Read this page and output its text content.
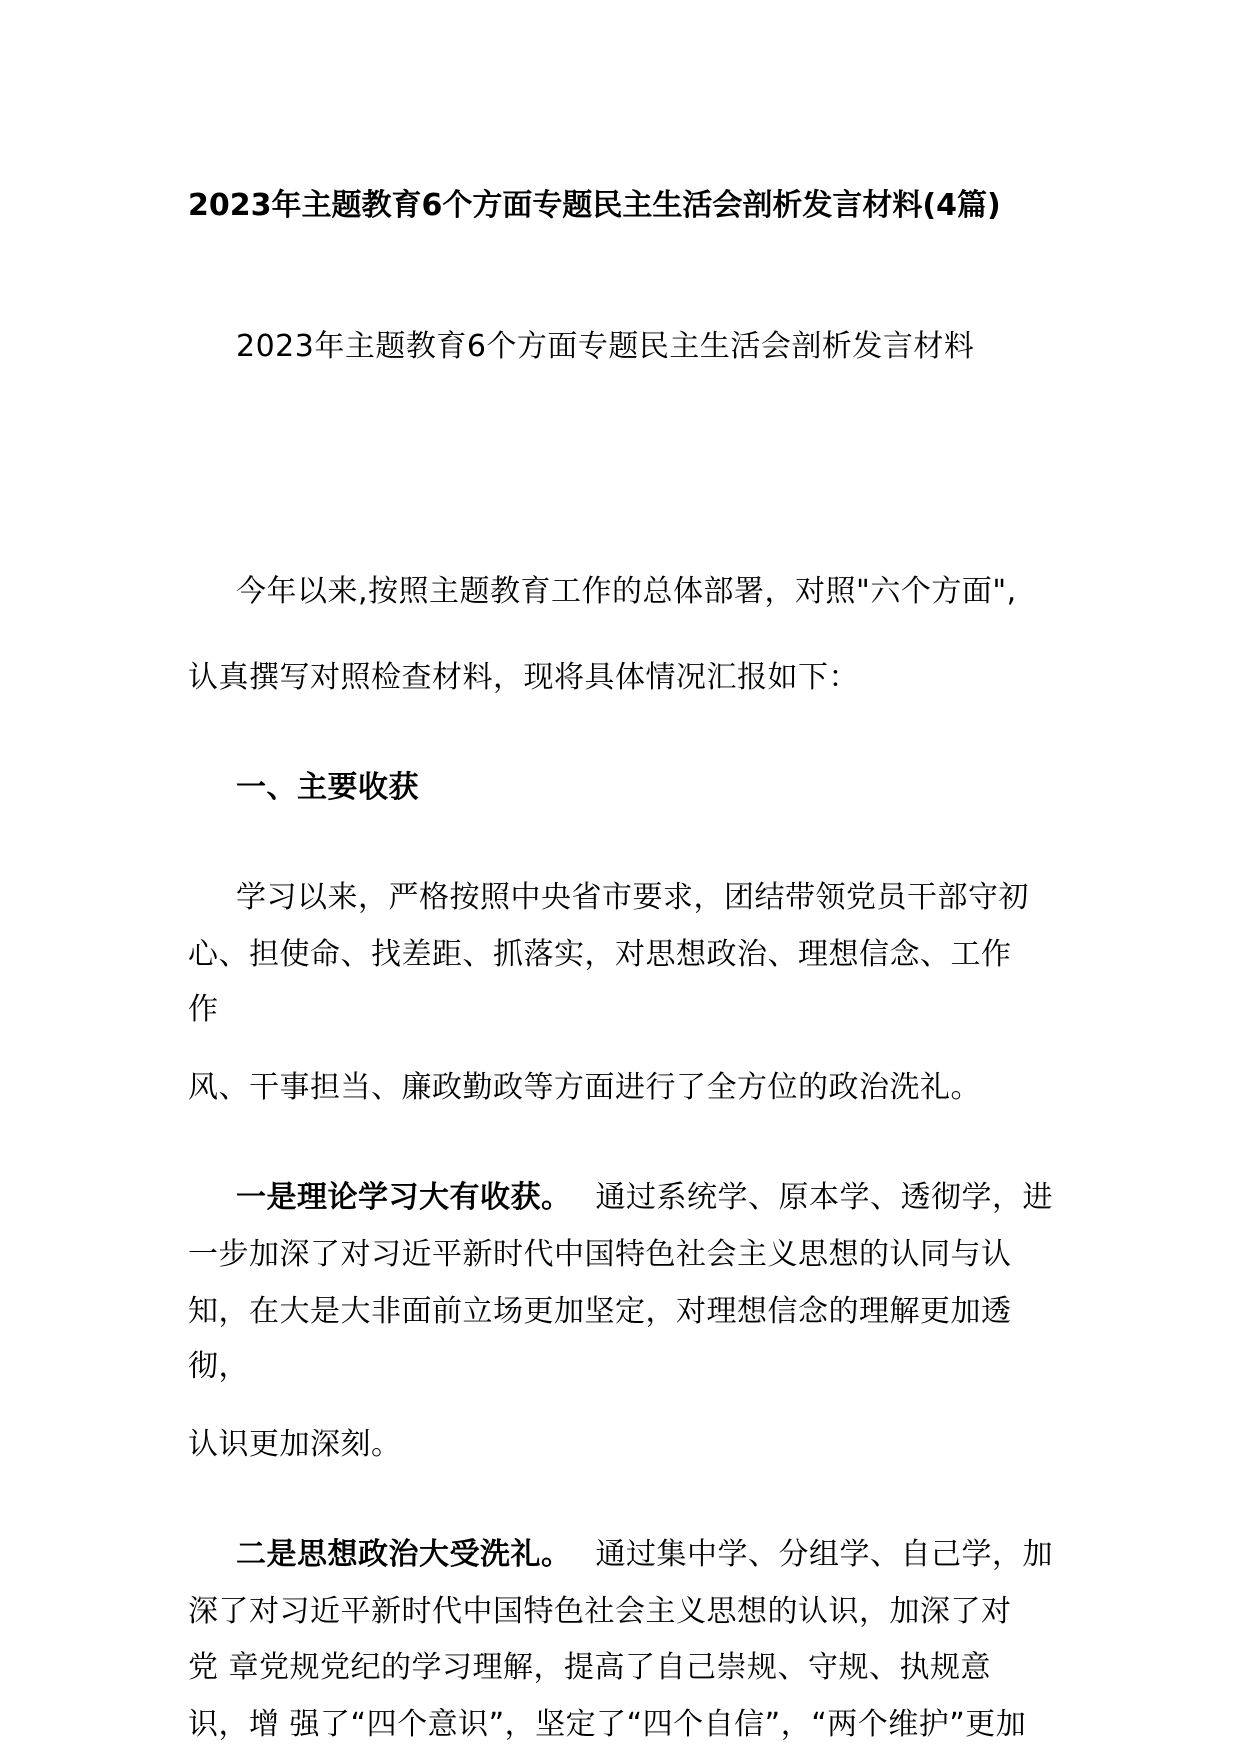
2023年主题教育6个方面专题民主生活会剖析发言材料(4篇)
2023年主题教育6个方面专题民主生活会剖析发言材料
今年以来,按照主题教育工作的总体部署，对照"六个方面",
认真撰写对照检查材料，现将具体情况汇报如下：
一、主要收获
学习以来，严格按照中央省市要求，团结带领党员干部守初
心、担使命、找差距、抓落实，对思想政治、理想信念、工作
作
风、干事担当、廉政勤政等方面进行了全方位的政治洗礼。
一是理论学习大有收获。 通过系统学、原本学、透彻学，进
一步加深了对习近平新时代中国特色社会主义思想的认同与认
知，在大是大非面前立场更加坚定，对理想信念的理解更加透
彻，
认识更加深刻。
二是思想政治大受洗礼。 通过集中学、分组学、自己学，加
深了对习近平新时代中国特色社会主义思想的认识，加深了对
党 章党规党纪的学习理解，提高了自己崇规、守规、执规意
识，增 强了“四个意识”，坚定了“四个自信”，“两个维护”更加
